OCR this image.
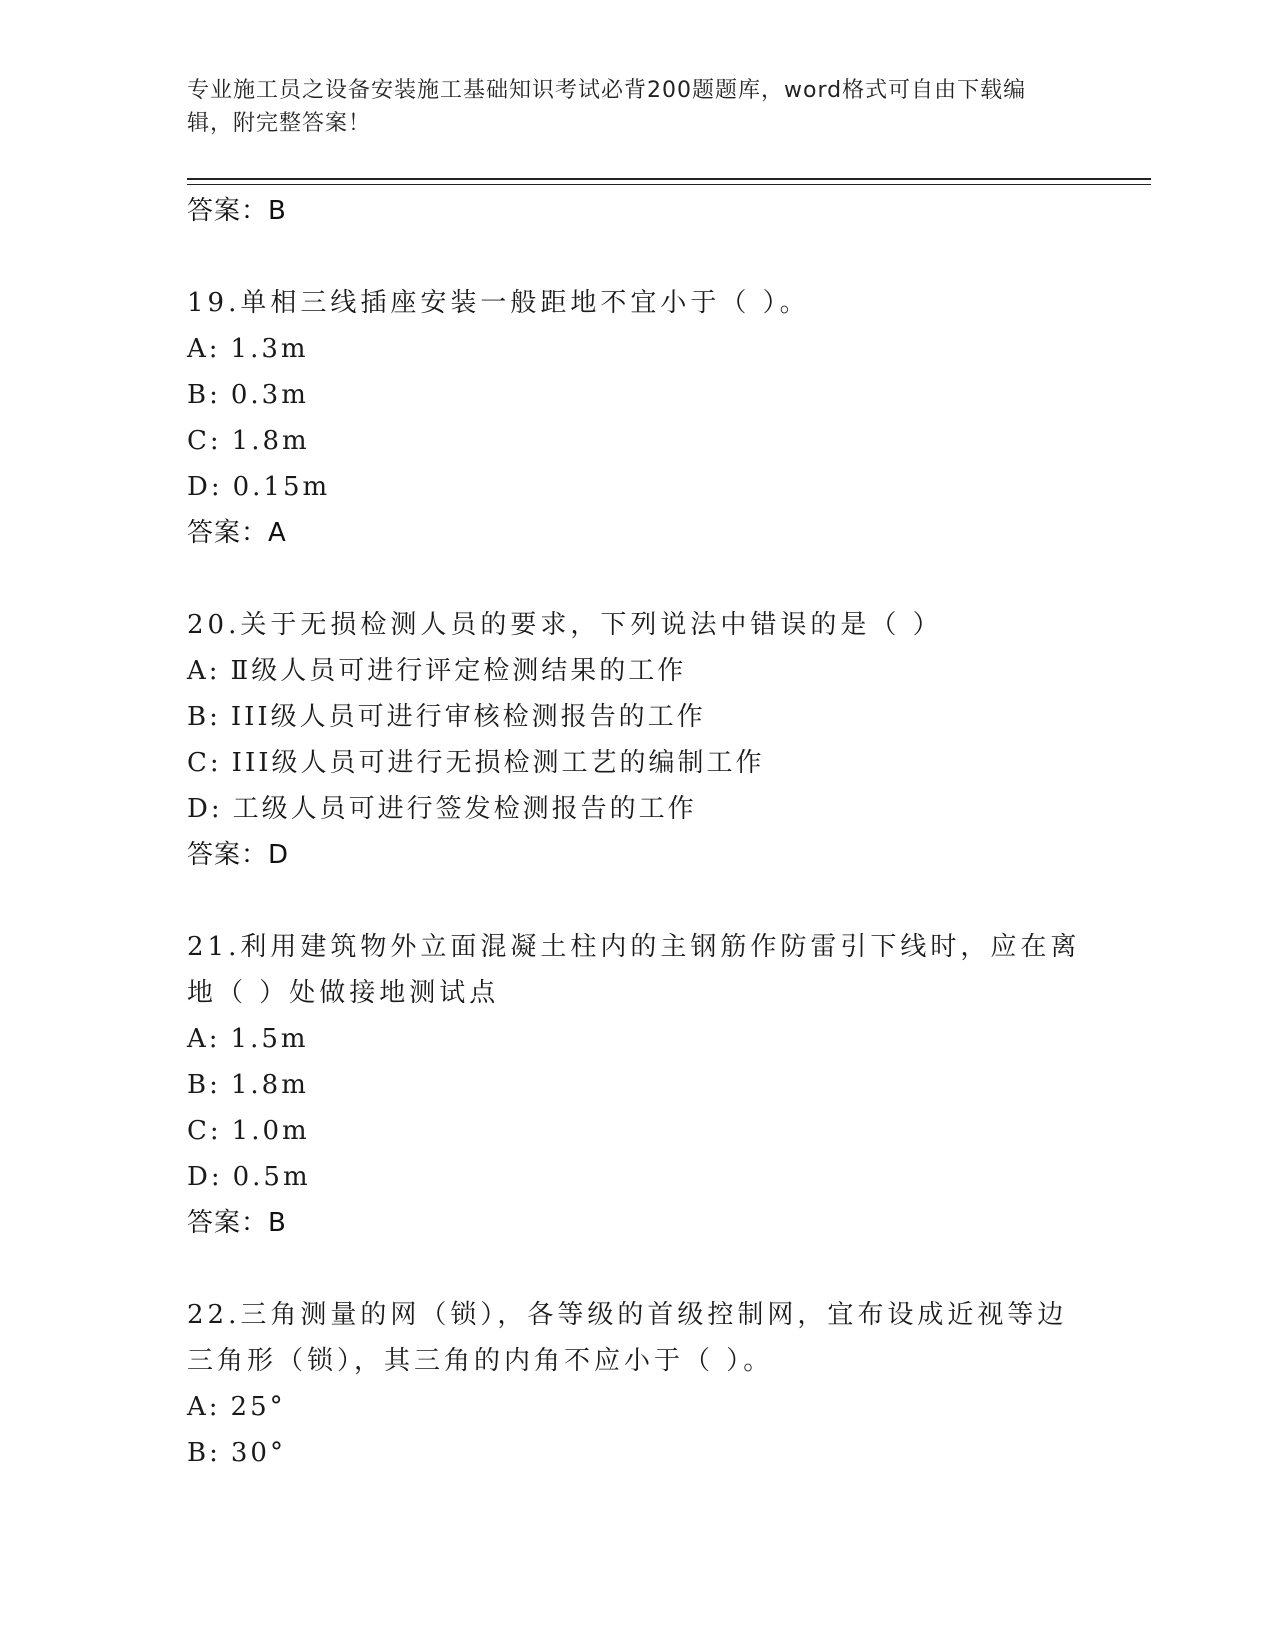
专业施工员之设备安装施工基础知识考试必背200题题库，word格式可自由下载编辑，附完整答案！
答案：B
19.单相三线插座安装一般距地不宜小于（ ）。
A: 1.3m
B: 0.3m
C: 1.8m
D: 0.15m
答案：A
20.关于无损检测人员的要求，下列说法中错误的是（ ）
A: Ⅱ级人员可进行评定检测结果的工作
B: III级人员可进行审核检测报告的工作
C: III级人员可进行无损检测工艺的编制工作
D: 工级人员可进行签发检测报告的工作
答案：D
21.利用建筑物外立面混凝土柱内的主钢筋作防雷引下线时，应在离地（ ）处做接地测试点
A: 1.5m
B: 1.8m
C: 1.0m
D: 0.5m
答案：B
22.三角测量的网（锁），各等级的首级控制网，宜布设成近视等边三角形（锁），其三角的内角不应小于（ ）。
A: 25°
B: 30°
